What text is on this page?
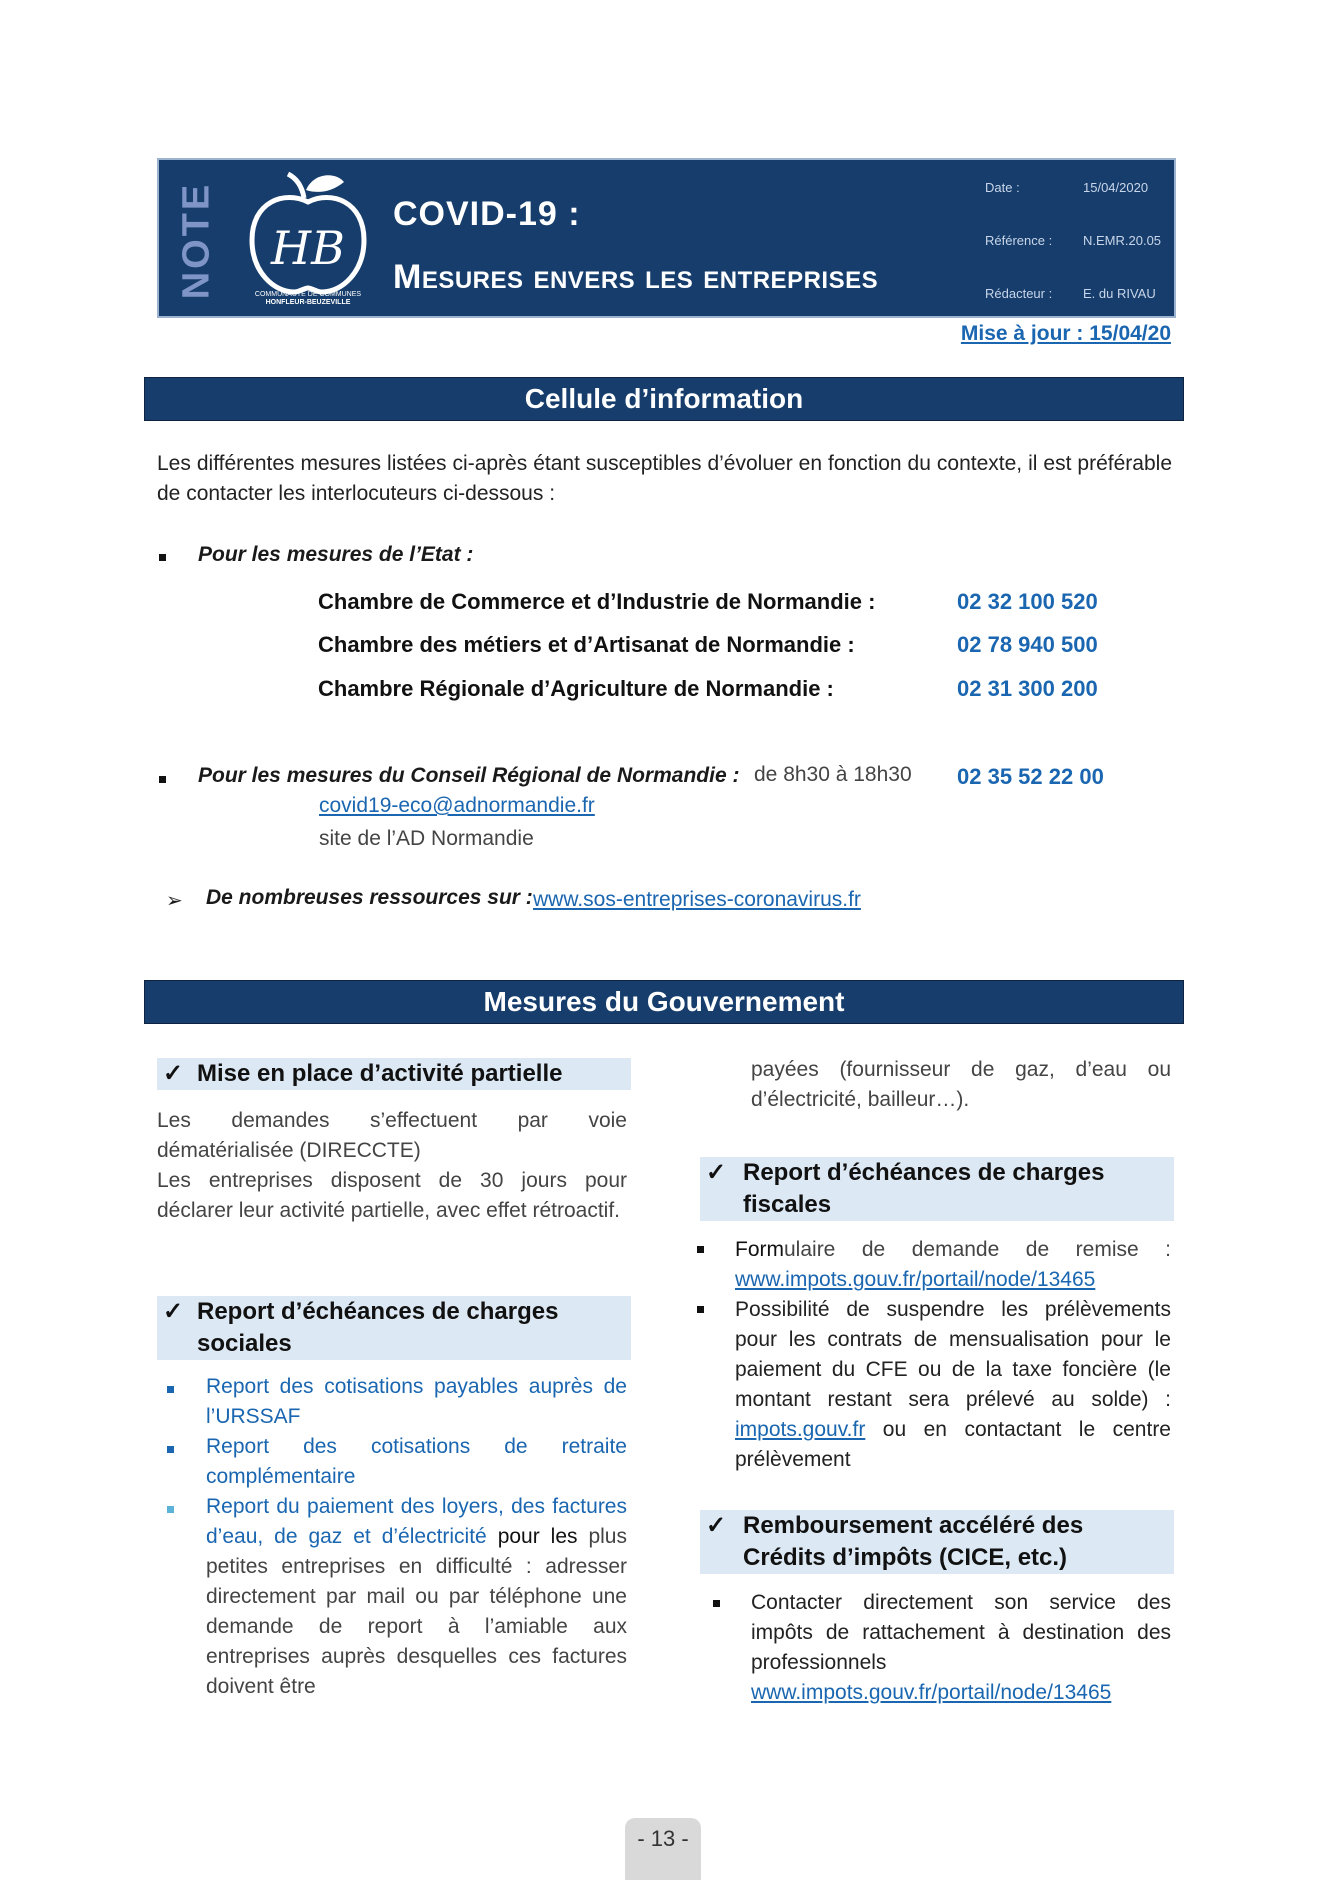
NOTE HB
COMMUNAUTÉ DE COMMUNES
HONFLEUR-BEUZEVILLE
COVID-19 :
Mesures envers les entreprises
Date :	15/04/2020
Référence : N.EMR.20.05
Rédacteur : E. du RIVAU
Mise à jour : 15/04/20
Cellule d’information
Les différentes mesures listées ci-après étant susceptibles d’évoluer en fonction du contexte, il est préférable de contacter les interlocuteurs ci-dessous :
Pour les mesures de l’Etat :
Chambre de Commerce et d’Industrie de Normandie :	02 32 100 520
Chambre des métiers et d’Artisanat de Normandie :	02 78 940 500
Chambre Régionale d’Agriculture de Normandie :	02 31 300 200
Pour les mesures du Conseil Régional de Normandie : de 8h30 à 18h30 02 35 52 22 00
covid19-eco@adnormandie.fr
site de l’AD Normandie
➢ De nombreuses ressources sur : www.sos-entreprises-coronavirus.fr
Mesures du Gouvernement
✓ Mise en place d’activité partielle
Les demandes s’effectuent par voie dématérialisée (DIRECCTE)
Les entreprises disposent de 30 jours pour déclarer leur activité partielle, avec effet rétroactif.
✓ Report d’échéances de charges sociales
Report des cotisations payables auprès de l’URSSAF
Report des cotisations de retraite complémentaire
Report du paiement des loyers, des factures d’eau, de gaz et d’électricité pour les plus petites entreprises en difficulté : adresser directement par mail ou par téléphone une demande de report à l’amiable aux entreprises auprès desquelles ces factures doivent être
payées (fournisseur de gaz, d’eau ou d’électricité, bailleur…).
✓ Report d’échéances de charges fiscales
Formulaire de demande de remise : www.impots.gouv.fr/portail/node/13465
Possibilité de suspendre les prélèvements pour les contrats de mensualisation pour le paiement du CFE ou de la taxe foncière (le montant restant sera prélevé au solde) : impots.gouv.fr ou en contactant le centre prélèvement
✓ Remboursement accéléré des Crédits d’impôts (CICE, etc.)
Contacter directement son service des impôts de rattachement à destination des professionnels www.impots.gouv.fr/portail/node/13465
- 13 -
